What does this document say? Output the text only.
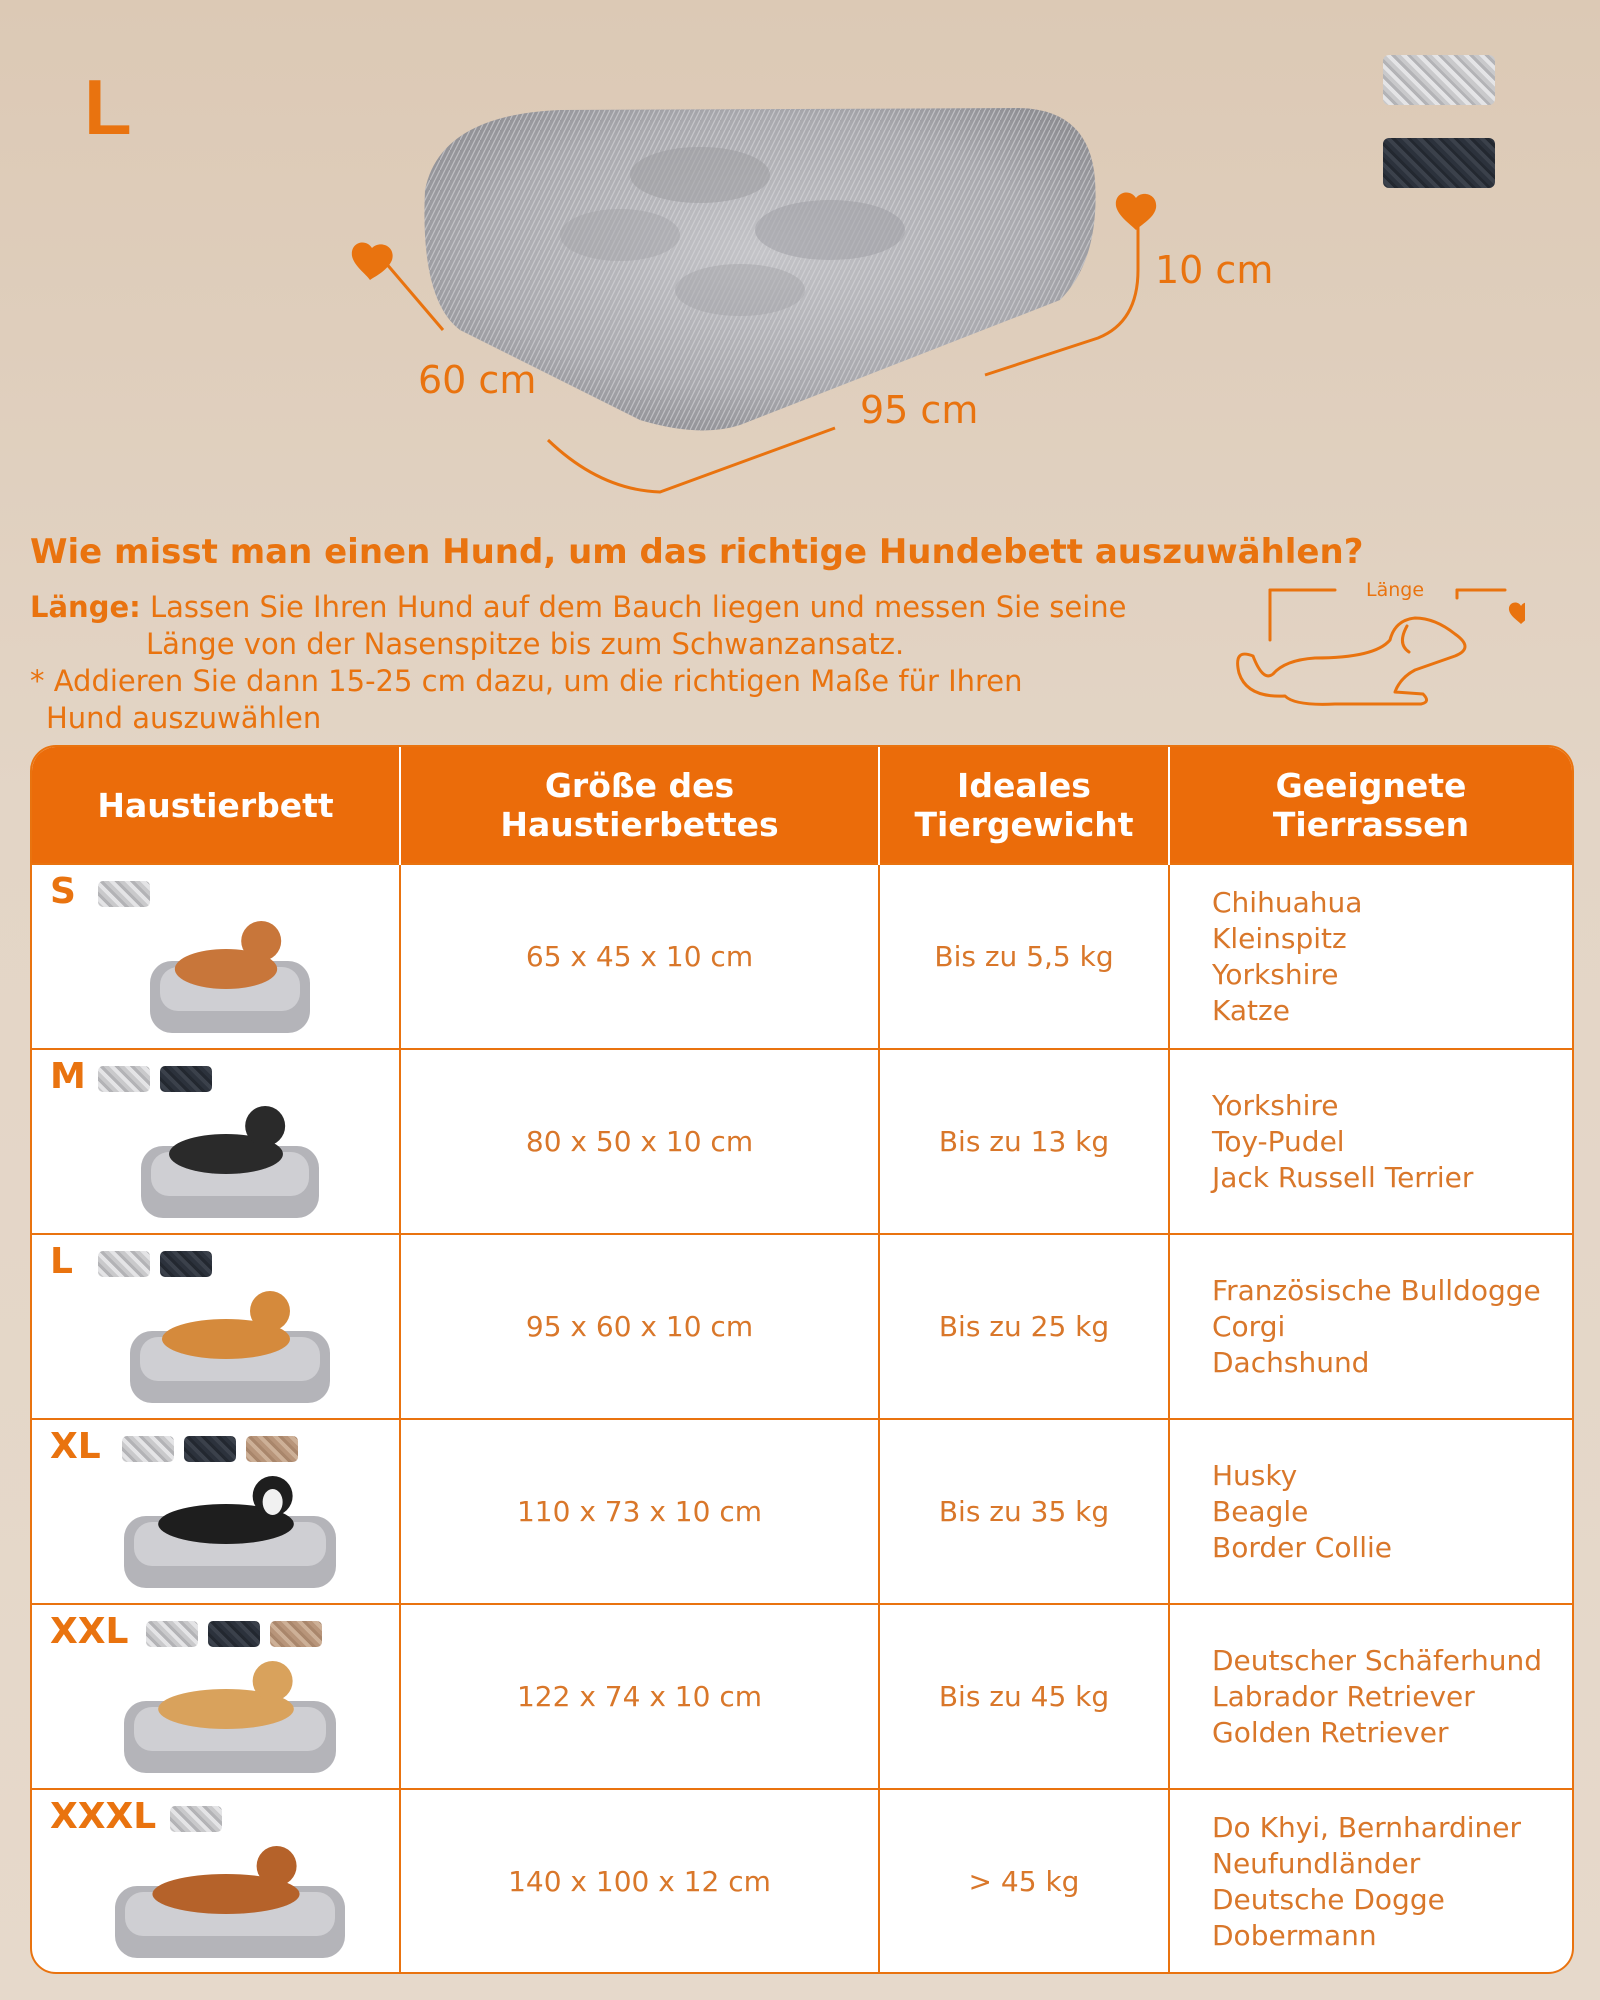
L
60 cm
95 cm
10 cm
Wie misst man einen Hund, um das richtige Hundebett auszuwählen?
Länge: Lassen Sie Ihren Hund auf dem Bauch liegen und messen Sie seine
Länge von der Nasenspitze bis zum Schwanzansatz.
* Addieren Sie dann 15-25 cm dazu, um die richtigen Maße für Ihren
Hund auszuwählen
Länge
Haustierbett	Größe des Haustierbettes	Ideales Tiergewicht	Geeignete Tierrassen

S	65 x 45 x 10 cm	Bis zu 5,5 kg	Chihuahua
Kleinspitz
Yorkshire
Katze

M	80 x 50 x 10 cm	Bis zu 13 kg	Yorkshire
Toy-Pudel
Jack Russell Terrier

L	95 x 60 x 10 cm	Bis zu 25 kg	Französische Bulldogge
Corgi
Dachshund

XL	110 x 73 x 10 cm	Bis zu 35 kg	Husky
Beagle
Border Collie

XXL	122 x 74 x 10 cm	Bis zu 45 kg	Deutscher Schäferhund
Labrador Retriever
Golden Retriever

XXXL	140 x 100 x 12 cm	> 45 kg	Do Khyi, Bernhardiner
Neufundländer
Deutsche Dogge
Dobermann
